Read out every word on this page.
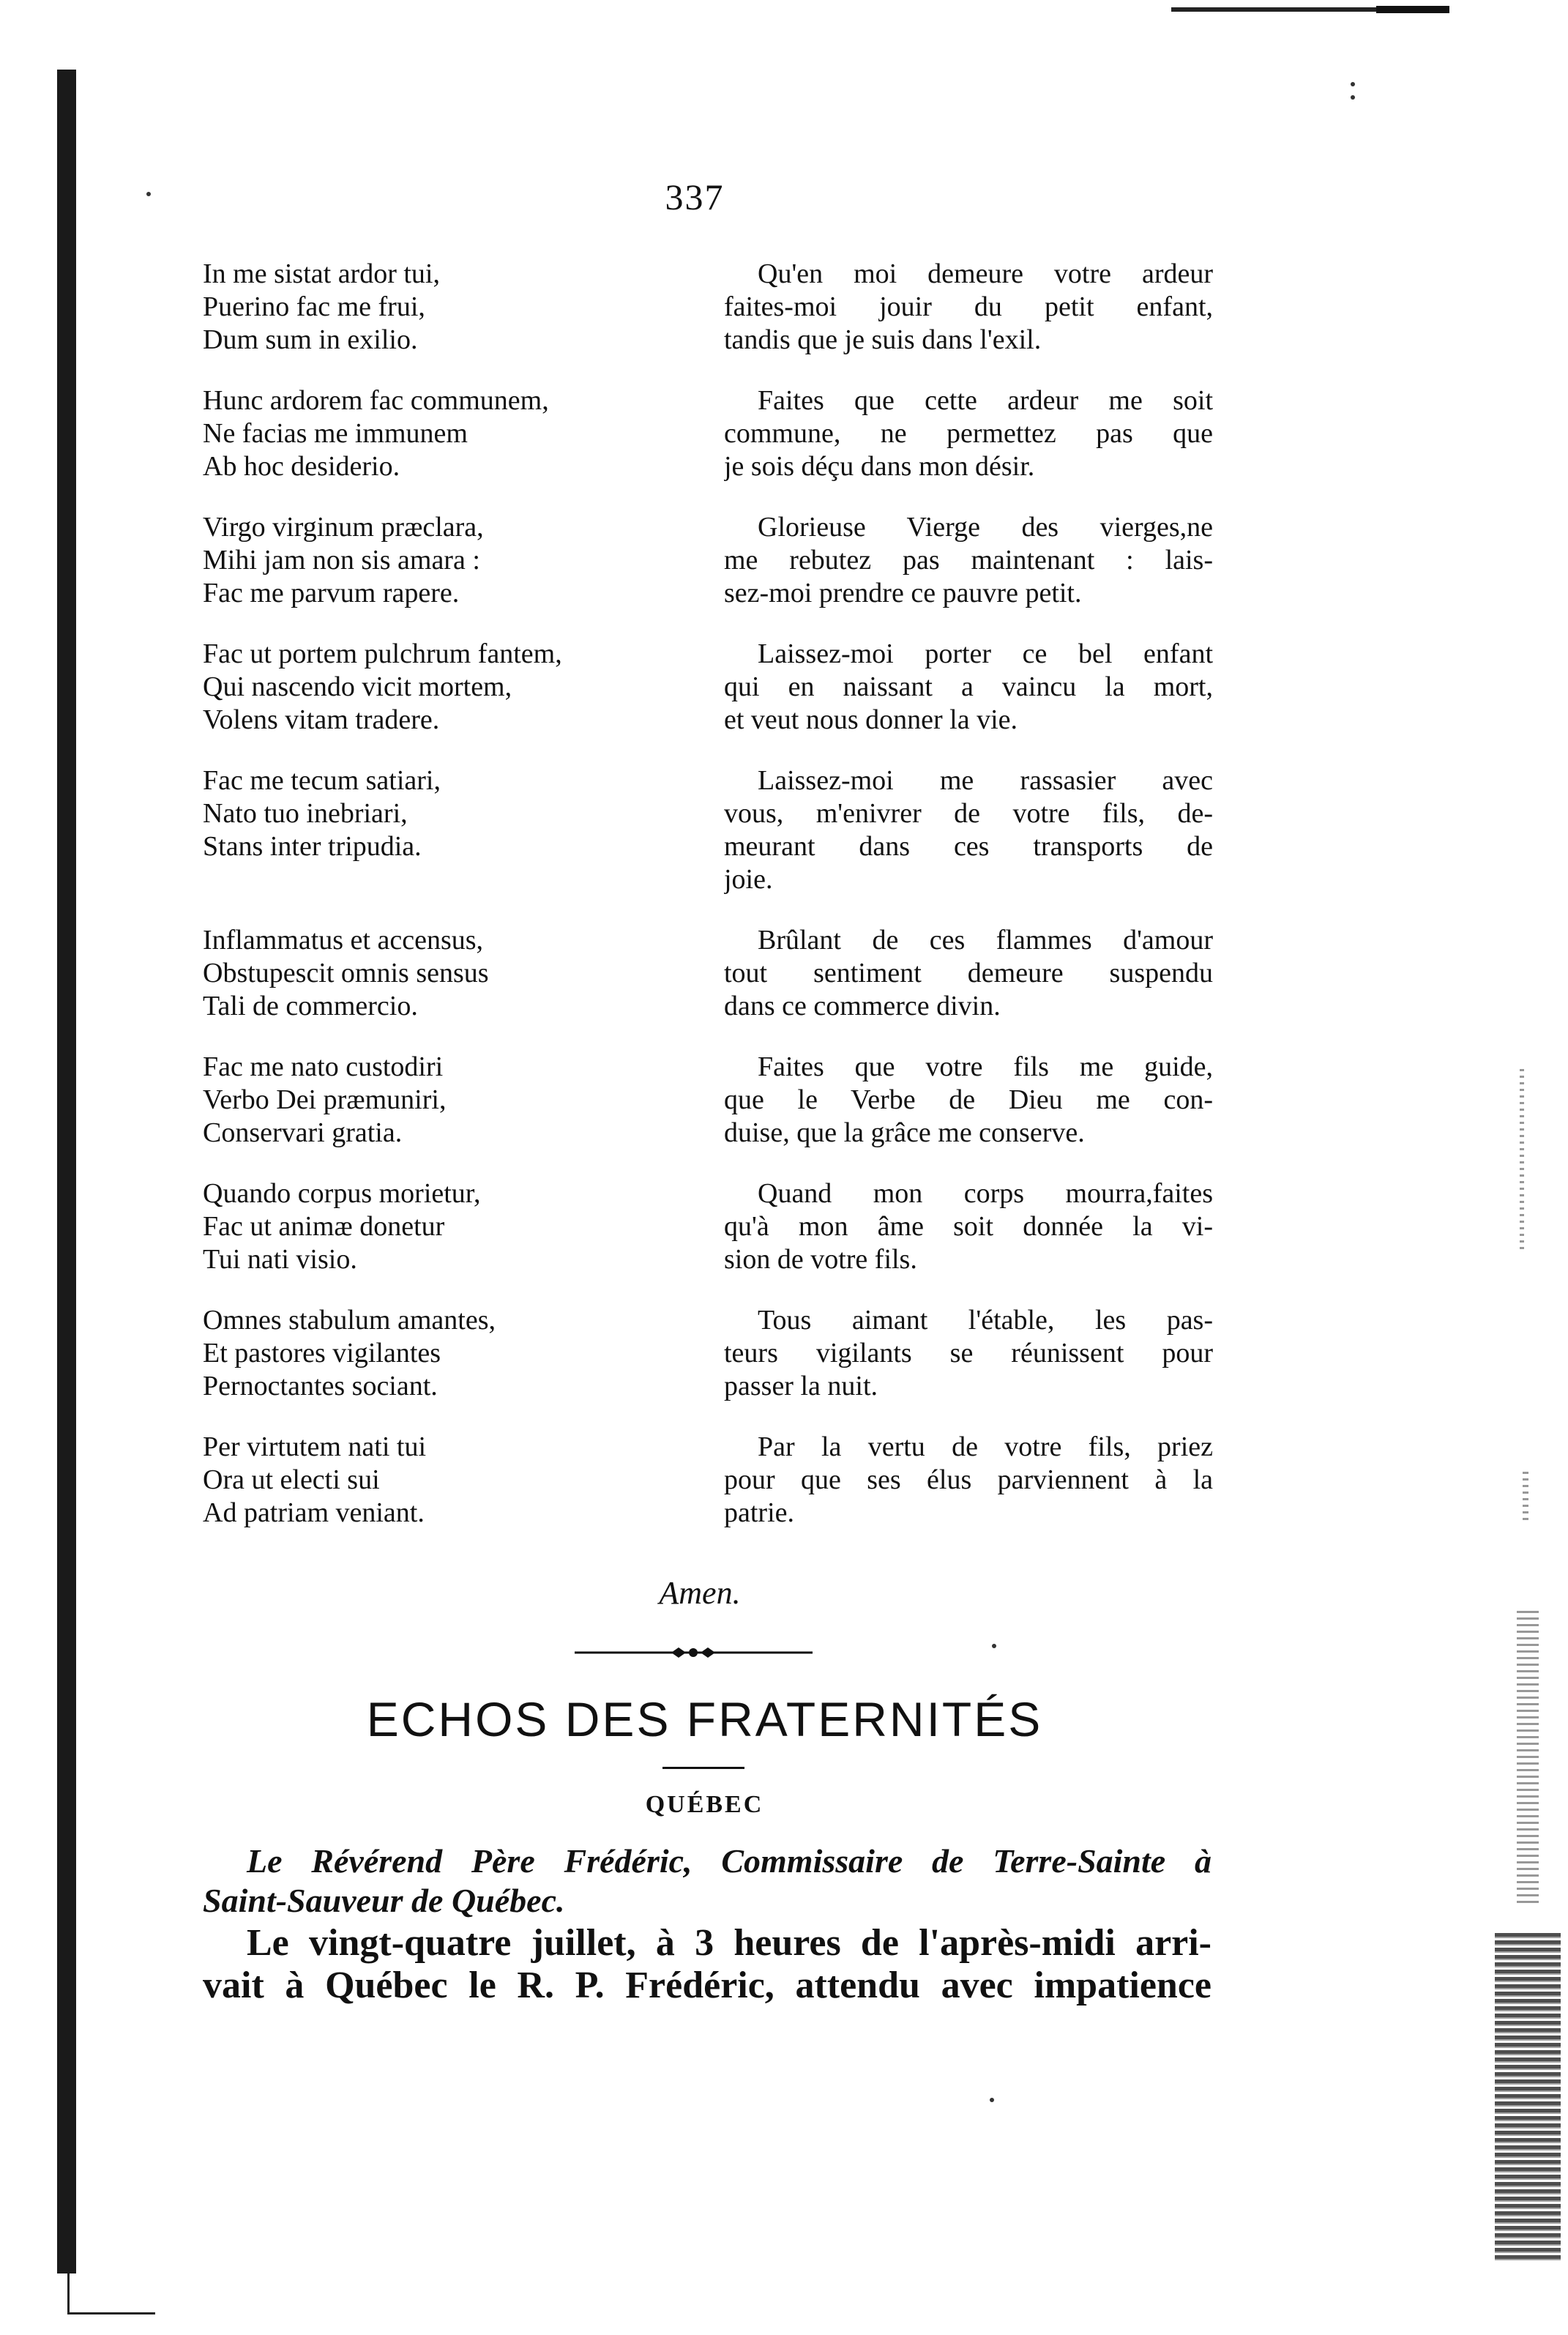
337
In me sistat ardor tui,
Puerino fac me frui,
Dum sum in exilio.
Qu'en moi demeure votre ardeur
faites-moi jouir du petit enfant,
tandis que je suis dans l'exil.
Hunc ardorem fac communem,
Ne facias me immunem
Ab hoc desiderio.
Faites que cette ardeur me soit
commune, ne permettez pas que
je sois déçu dans mon désir.
Virgo virginum præclara,
Mihi jam non sis amara :
Fac me parvum rapere.
Glorieuse Vierge des vierges,ne
me rebutez pas maintenant : lais-
sez-moi prendre ce pauvre petit.
Fac ut portem pulchrum fantem,
Qui nascendo vicit mortem,
Volens vitam tradere.
Laissez-moi porter ce bel enfant
qui en naissant a vaincu la mort,
et veut nous donner la vie.
Fac me tecum satiari,
Nato tuo inebriari,
Stans inter tripudia.
Laissez-moi me rassasier avec
vous, m'enivrer de votre fils, de-
meurant dans ces transports de
joie.
Inflammatus et accensus,
Obstupescit omnis sensus
Tali de commercio.
Brûlant de ces flammes d'amour
tout sentiment demeure suspendu
dans ce commerce divin.
Fac me nato custodiri
Verbo Dei præmuniri,
Conservari gratia.
Faites que votre fils me guide,
que le Verbe de Dieu me con-
duise, que la grâce me conserve.
Quando corpus morietur,
Fac ut animæ donetur
Tui nati visio.
Quand mon corps mourra,faites
qu'à mon âme soit donnée la vi-
sion de votre fils.
Omnes stabulum amantes,
Et pastores vigilantes
Pernoctantes sociant.
Tous aimant l'étable, les pas-
teurs vigilants se réunissent pour
passer la nuit.
Per virtutem nati tui
Ora ut electi sui
Ad patriam veniant.
Par la vertu de votre fils, priez
pour que ses élus parviennent à la
patrie.
Amen.
ECHOS DES FRATERNITÉS
QUÉBEC
Le Révérend Père Frédéric, Commissaire de Terre-Sainte à
Saint-Sauveur de Québec.
Le vingt-quatre juillet, à 3 heures de l'après-midi arri-
vait à Québec le R. P. Frédéric, attendu avec impatience
